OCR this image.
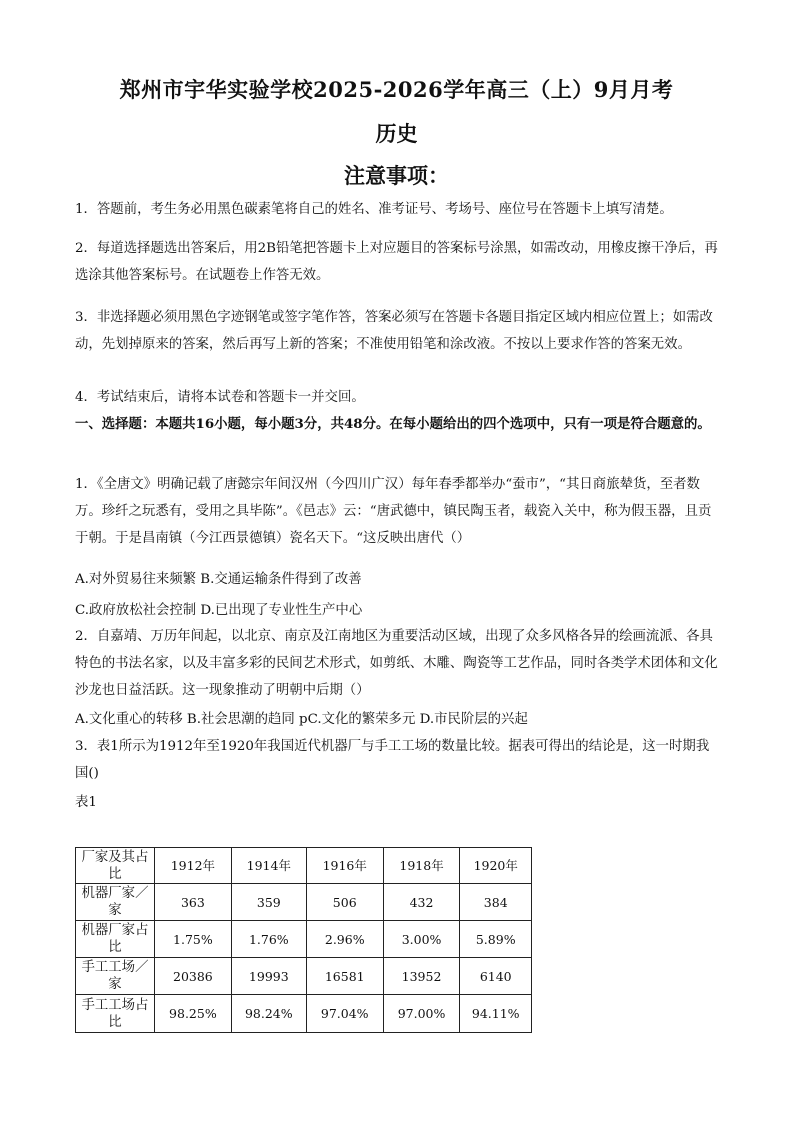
郑州市宇华实验学校2025-2026学年高三（上）9月月考
历史
注意事项：

1．答题前，考生务必用黑色碳素笔将自己的姓名、准考证号、考场号、座位号在答题卡上填写清楚。

2．每道选择题选出答案后，用2B铅笔把答题卡上对应题目的答案标号涂黑，如需改动，用橡皮擦干净后，再选涂其他答案标号。在试题卷上作答无效。

3．非选择题必须用黑色字迹钢笔或签字笔作答，答案必须写在答题卡各题目指定区域内相应位置上；如需改动，先划掉原来的答案，然后再写上新的答案；不准使用铅笔和涂改液。不按以上要求作答的答案无效。

4．考试结束后，请将本试卷和答题卡一并交回。

一、选择题：本题共16小题，每小题3分，共48分。在每小题给出的四个选项中，只有一项是符合题意的。

1．《全唐文》明确记载了唐懿宗年间汉州（今四川广汉）每年春季都举办“蚕市”，“其日商旅辇货，至者数万。珍纤之玩悉有，受用之具毕陈”。《邑志》云：“唐武德中，镇民陶玉者，载瓷入关中，称为假玉器，且贡于朝。于是昌南镇（今江西景德镇）瓷名天下。“这反映出唐代（）

A.对外贸易往来频繁 B.交通运输条件得到了改善

C.政府放松社会控制 D.已出现了专业性生产中心

2．自嘉靖、万历年间起，以北京、南京及江南地区为重要活动区域，出现了众多风格各异的绘画流派、各具特色的书法名家，以及丰富多彩的民间艺术形式，如剪纸、木雕、陶瓷等工艺作品，同时各类学术团体和文化沙龙也日益活跃。这一现象推动了明朝中后期（）

A.文化重心的转移 B.社会思潮的趋同 pC.文化的繁荣多元 D.市民阶层的兴起

3．表1所示为1912年至1920年我国近代机器厂与手工工场的数量比较。据表可得出的结论是，这一时期我国()

表1

厂家及其占比	1912年	1914年	1916年	1918年	1920年
机器厂家／家	363	359	506	432	384
机器厂家占比	1.75%	1.76%	2.96%	3.00%	5.89%
手工工场／家	20386	19993	16581	13952	6140
手工工场占比	98.25%	98.24%	97.04%	97.00%	94.11%
